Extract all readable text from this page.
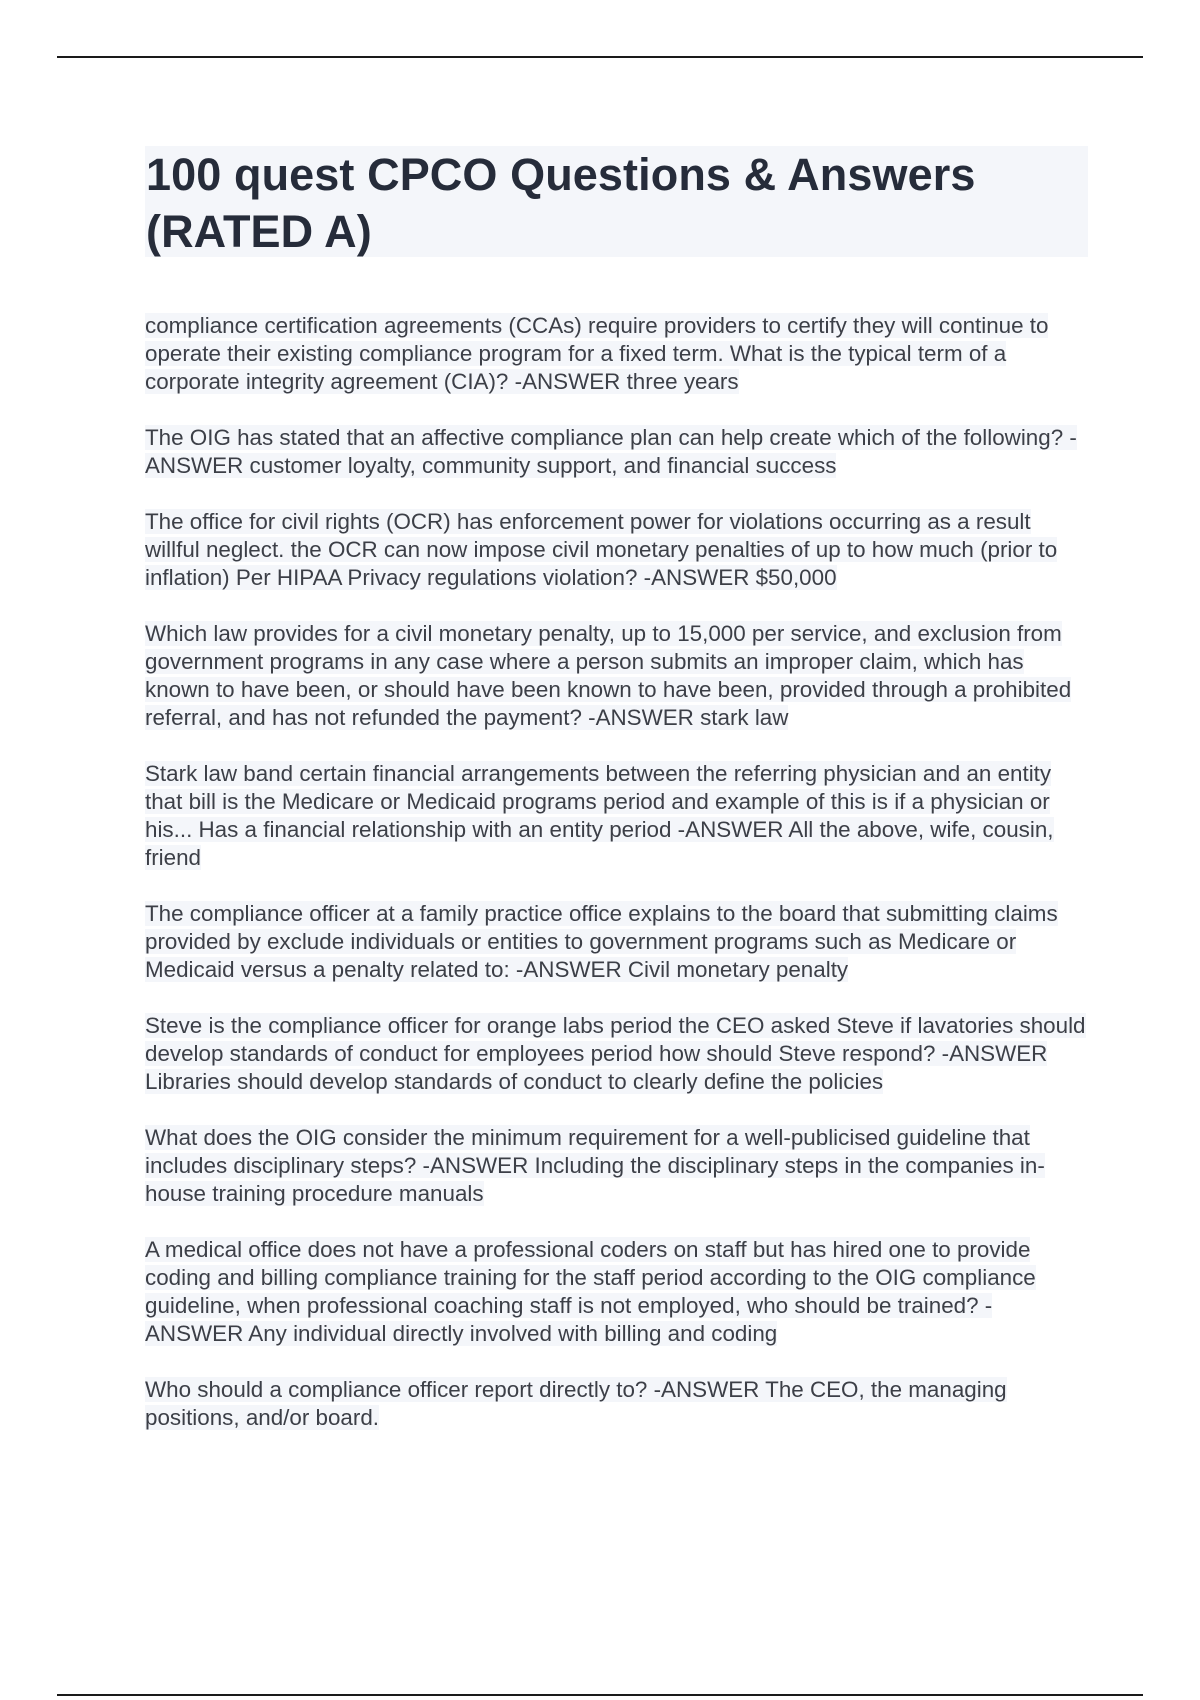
100 quest CPCO Questions & Answers (RATED A)

compliance certification agreements (CCAs) require providers to certify they will continue to operate their existing compliance program for a fixed term. What is the typical term of a corporate integrity agreement (CIA)? -ANSWER three years

The OIG has stated that an affective compliance plan can help create which of the following? -ANSWER customer loyalty, community support, and financial success

The office for civil rights (OCR) has enforcement power for violations occurring as a result willful neglect. the OCR can now impose civil monetary penalties of up to how much (prior to inflation) Per HIPAA Privacy regulations violation? -ANSWER $50,000

Which law provides for a civil monetary penalty, up to 15,000 per service, and exclusion from government programs in any case where a person submits an improper claim, which has known to have been, or should have been known to have been, provided through a prohibited referral, and has not refunded the payment? -ANSWER stark law

Stark law band certain financial arrangements between the referring physician and an entity that bill is the Medicare or Medicaid programs period and example of this is if a physician or his... Has a financial relationship with an entity period -ANSWER All the above, wife, cousin, friend

The compliance officer at a family practice office explains to the board that submitting claims provided by exclude individuals or entities to government programs such as Medicare or Medicaid versus a penalty related to: -ANSWER Civil monetary penalty

Steve is the compliance officer for orange labs period the CEO asked Steve if lavatories should develop standards of conduct for employees period how should Steve respond? -ANSWER Libraries should develop standards of conduct to clearly define the policies

What does the OIG consider the minimum requirement for a well-publicised guideline that includes disciplinary steps? -ANSWER Including the disciplinary steps in the companies in-house training procedure manuals

A medical office does not have a professional coders on staff but has hired one to provide coding and billing compliance training for the staff period according to the OIG compliance guideline, when professional coaching staff is not employed, who should be trained? -ANSWER Any individual directly involved with billing and coding

Who should a compliance officer report directly to? -ANSWER The CEO, the managing positions, and/or board.
